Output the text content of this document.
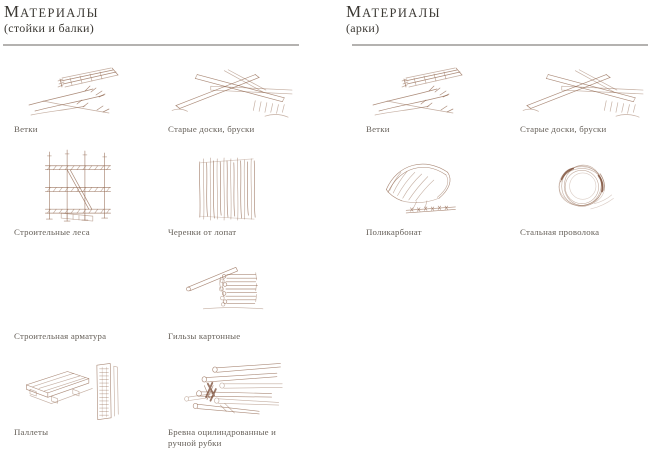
МАТЕРИАЛЫ
(стойки и балки)
МАТЕРИАЛЫ
(арки)
Ветки	Старые доски, бруски
Строительные леса	Черенки от лопат
Строительная арматура	Гильзы картонные
Паллеты	Бревна оцилиндрованные и ручной рубки
Ветки	Старые доски, бруски
Поликарбонат	Стальная проволока
